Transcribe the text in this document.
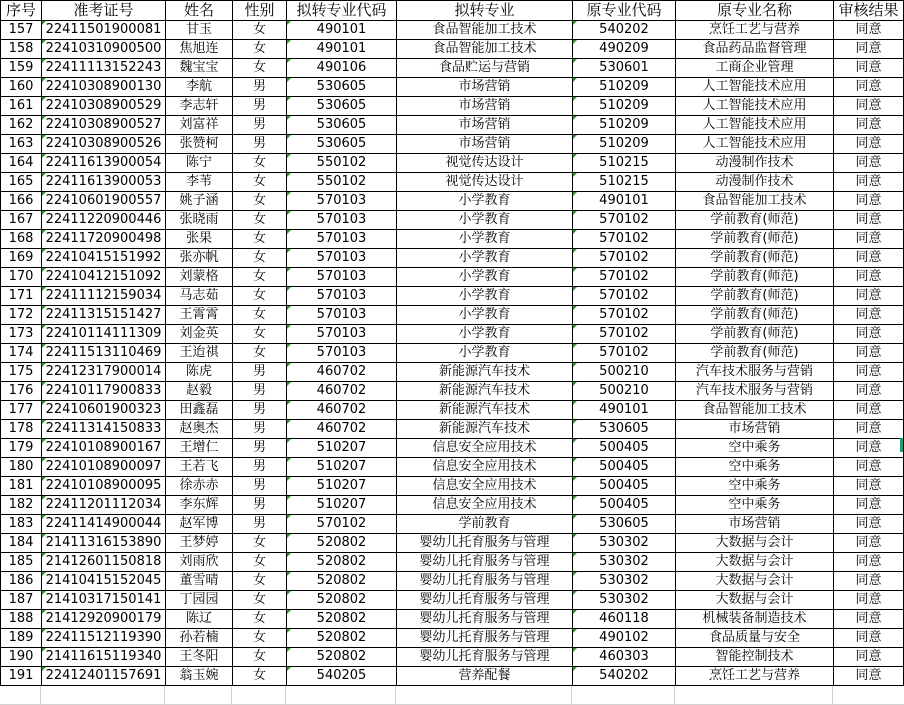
序号	准考证号	姓名	性别	拟转专业代码	拟转专业	原专业代码	原专业名称	审核结果
157	22411501900081	甘玉	女	490101	食品智能加工技术	540202	烹饪工艺与营养	同意
158	22410310900500	焦旭连	女	490101	食品智能加工技术	490209	食品药品监督管理	同意
159	22411113152243	魏宝宝	女	490106	食品贮运与营销	530601	工商企业管理	同意
160	22410308900130	李航	男	530605	市场营销	510209	人工智能技术应用	同意
161	22410308900529	李志轩	男	530605	市场营销	510209	人工智能技术应用	同意
162	22410308900527	刘富祥	男	530605	市场营销	510209	人工智能技术应用	同意
163	22410308900526	张赞柯	男	530605	市场营销	510209	人工智能技术应用	同意
164	22411613900054	陈宁	女	550102	视觉传达设计	510215	动漫制作技术	同意
165	22411613900053	李苇	女	550102	视觉传达设计	510215	动漫制作技术	同意
166	22410601900557	姚子涵	女	570103	小学教育	490101	食品智能加工技术	同意
167	22411220900446	张晓雨	女	570103	小学教育	570102	学前教育(师范)	同意
168	22411720900498	张果	女	570103	小学教育	570102	学前教育(师范)	同意
169	22410415151992	张亦帆	女	570103	小学教育	570102	学前教育(师范)	同意
170	22410412151092	刘蒙格	女	570103	小学教育	570102	学前教育(师范)	同意
171	22411112159034	马志茹	女	570103	小学教育	570102	学前教育(师范)	同意
172	22411315151427	王霄霄	女	570103	小学教育	570102	学前教育(师范)	同意
173	22410114111309	刘金英	女	570103	小学教育	570102	学前教育(师范)	同意
174	22411513110469	王迨祺	女	570103	小学教育	570102	学前教育(师范)	同意
175	22412317900014	陈虎	男	460702	新能源汽车技术	500210	汽车技术服务与营销	同意
176	22410117900833	赵毅	男	460702	新能源汽车技术	500210	汽车技术服务与营销	同意
177	22410601900323	田鑫磊	男	460702	新能源汽车技术	490101	食品智能加工技术	同意
178	22411314150833	赵奥杰	男	460702	新能源汽车技术	530605	市场营销	同意
179	22410108900167	王增仁	男	510207	信息安全应用技术	500405	空中乘务	同意
180	22410108900097	王若飞	男	510207	信息安全应用技术	500405	空中乘务	同意
181	22410108900095	徐赤赤	男	510207	信息安全应用技术	500405	空中乘务	同意
182	22411201112034	李东辉	男	510207	信息安全应用技术	500405	空中乘务	同意
183	22411414900044	赵军博	男	570102	学前教育	530605	市场营销	同意
184	21411316153890	王梦婷	女	520802	婴幼儿托育服务与管理	530302	大数据与会计	同意
185	21412601150818	刘雨欣	女	520802	婴幼儿托育服务与管理	530302	大数据与会计	同意
186	21410415152045	董雪晴	女	520802	婴幼儿托育服务与管理	530302	大数据与会计	同意
187	21410317150141	丁园园	女	520802	婴幼儿托育服务与管理	530302	大数据与会计	同意
188	21412920900179	陈辽	女	520802	婴幼儿托育服务与管理	460118	机械装备制造技术	同意
189	22411512119390	孙若楠	女	520802	婴幼儿托育服务与管理	490102	食品质量与安全	同意
190	21411615119340	王冬阳	女	520802	婴幼儿托育服务与管理	460303	智能控制技术	同意
191	22412401157691	翁玉婉	女	540205	营养配餐	540202	烹饪工艺与营养	同意
